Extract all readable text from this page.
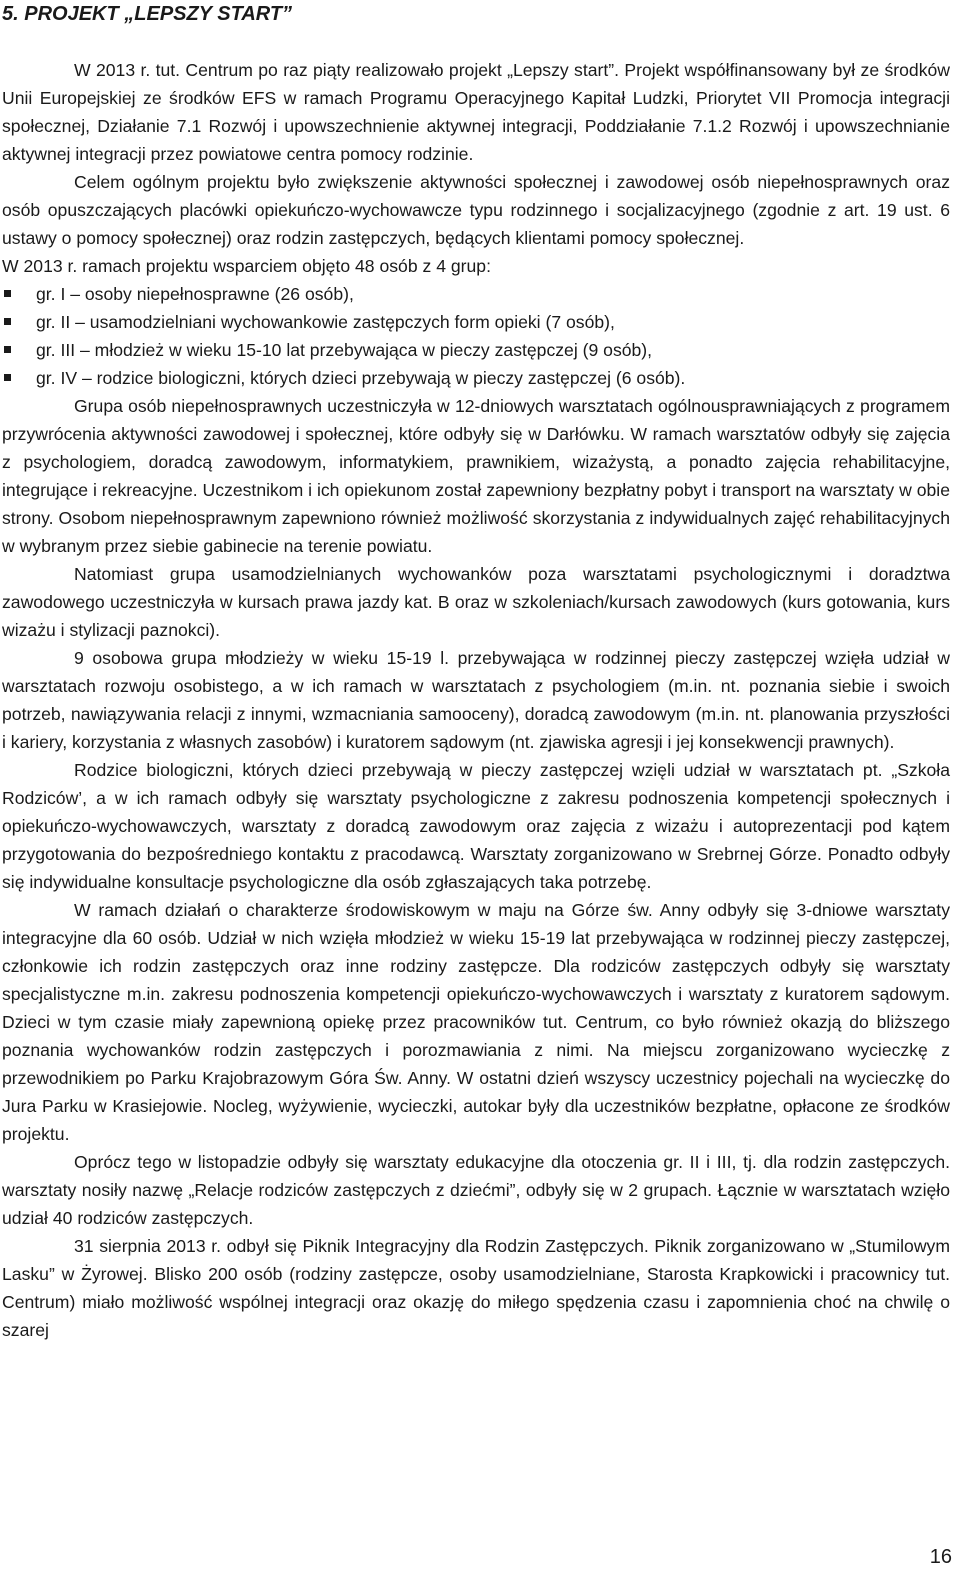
5. PROJEKT „LEPSZY START”

W 2013 r. tut. Centrum po raz piąty realizowało projekt „Lepszy start”. Projekt współfinansowany był ze środków Unii Europejskiej ze środków EFS w ramach Programu Operacyjnego Kapitał Ludzki, Priorytet VII Promocja integracji społecznej, Działanie 7.1 Rozwój i upowszechnienie aktywnej integracji, Poddziałanie 7.1.2 Rozwój i upowszechnianie aktywnej integracji przez powiatowe centra pomocy rodzinie.

Celem ogólnym projektu było zwiększenie aktywności społecznej i zawodowej osób niepełnosprawnych oraz osób opuszczających placówki opiekuńczo-wychowawcze typu rodzinnego i socjalizacyjnego (zgodnie z art. 19 ust. 6 ustawy o pomocy społecznej) oraz rodzin zastępczych, będących klientami pomocy społecznej.

W 2013 r. ramach projektu wsparciem objęto 48 osób z 4 grup:

gr. I – osoby niepełnosprawne (26 osób),
gr. II – usamodzielniani wychowankowie zastępczych form opieki (7 osób),
gr. III – młodzież w wieku 15-10 lat przebywająca w pieczy zastępczej (9 osób),
gr. IV – rodzice biologiczni, których dzieci przebywają w pieczy zastępczej (6 osób).

Grupa osób niepełnosprawnych uczestniczyła w 12-dniowych warsztatach ogólnousprawniających z programem przywrócenia aktywności zawodowej i społecznej, które odbyły się w Darłówku. W ramach warsztatów odbyły się zajęcia z psychologiem, doradcą zawodowym, informatykiem, prawnikiem, wizażystą, a ponadto zajęcia rehabilitacyjne, integrujące i rekreacyjne. Uczestnikom i ich opiekunom został zapewniony bezpłatny pobyt i transport na warsztaty w obie strony. Osobom niepełnosprawnym zapewniono również możliwość skorzystania z indywidualnych zajęć rehabilitacyjnych w wybranym przez siebie gabinecie na terenie powiatu.

Natomiast grupa usamodzielnianych wychowanków poza warsztatami psychologicznymi i doradztwa zawodowego uczestniczyła w kursach prawa jazdy kat. B oraz w szkoleniach/kursach zawodowych (kurs gotowania, kurs wizażu i stylizacji paznokci).

9 osobowa grupa młodzieży w wieku 15-19 l. przebywająca w rodzinnej pieczy zastępczej wzięła udział w warsztatach rozwoju osobistego, a w ich ramach w warsztatach z psychologiem (m.in. nt. poznania siebie i swoich potrzeb, nawiązywania relacji z innymi, wzmacniania samooceny), doradcą zawodowym (m.in. nt. planowania przyszłości i kariery, korzystania z własnych zasobów) i kuratorem sądowym (nt. zjawiska agresji i jej konsekwencji prawnych).

Rodzice biologiczni, których dzieci przebywają w pieczy zastępczej wzięli udział w warsztatach pt. „Szkoła Rodziców’, a w ich ramach odbyły się warsztaty psychologiczne z zakresu podnoszenia kompetencji społecznych i opiekuńczo-wychowawczych, warsztaty z doradcą zawodowym oraz zajęcia z wizażu i autoprezentacji pod kątem przygotowania do bezpośredniego kontaktu z pracodawcą. Warsztaty zorganizowano w Srebrnej Górze. Ponadto odbyły się indywidualne konsultacje psychologiczne dla osób zgłaszających taka potrzebę.

W ramach działań o charakterze środowiskowym w maju na Górze św. Anny odbyły się 3-dniowe warsztaty integracyjne dla 60 osób. Udział w nich wzięła młodzież w wieku 15-19 lat przebywająca w rodzinnej pieczy zastępczej, członkowie ich rodzin zastępczych oraz inne rodziny zastępcze. Dla rodziców zastępczych odbyły się warsztaty specjalistyczne m.in. zakresu podnoszenia kompetencji opiekuńczo-wychowawczych i warsztaty z kuratorem sądowym. Dzieci w tym czasie miały zapewnioną opiekę przez pracowników tut. Centrum, co było również okazją do bliższego poznania wychowanków rodzin zastępczych i porozmawiania z nimi. Na miejscu zorganizowano wycieczkę z przewodnikiem po Parku Krajobrazowym Góra Św. Anny. W ostatni dzień wszyscy uczestnicy pojechali na wycieczkę do Jura Parku w Krasiejowie. Nocleg, wyżywienie, wycieczki, autokar były dla uczestników bezpłatne, opłacone ze środków projektu.

Oprócz tego w listopadzie odbyły się warsztaty edukacyjne dla otoczenia gr. II i III, tj. dla rodzin zastępczych. warsztaty nosiły nazwę „Relacje rodziców zastępczych z dziećmi”, odbyły się w 2 grupach. Łącznie w warsztatach wzięło udział 40 rodziców zastępczych.

31 sierpnia 2013 r. odbył się Piknik Integracyjny dla Rodzin Zastępczych. Piknik zorganizowano w „Stumilowym Lasku” w Żyrowej. Blisko 200 osób (rodziny zastępcze, osoby usamodzielniane, Starosta Krapkowicki i pracownicy tut. Centrum) miało możliwość wspólnej integracji oraz okazję do miłego spędzenia czasu i zapomnienia choć na chwilę o szarej

16
